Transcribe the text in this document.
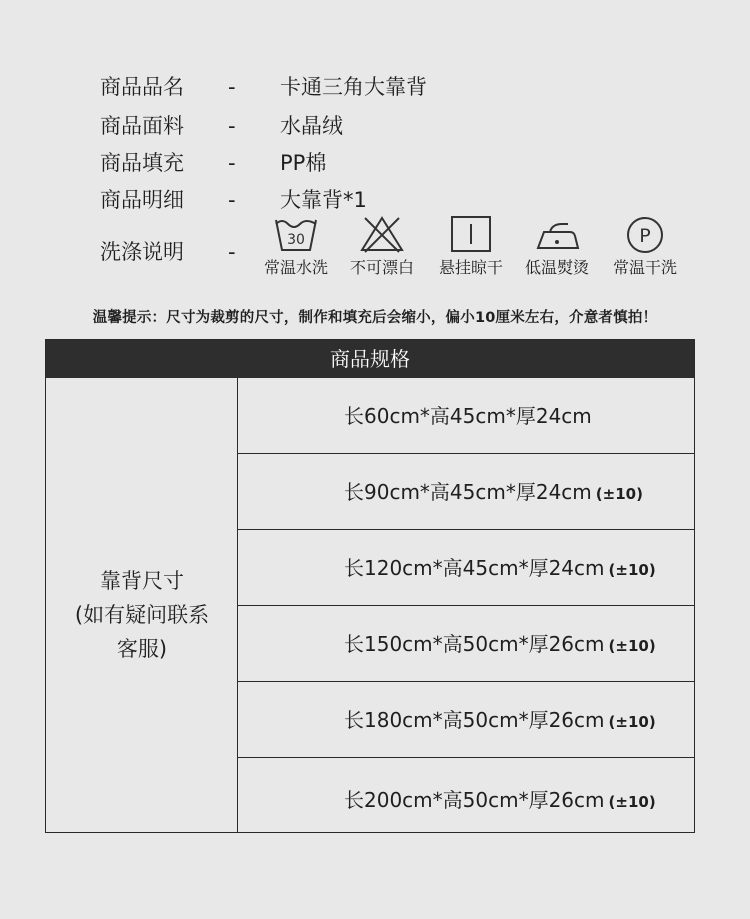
商品品名	-	卡通三角大靠背
商品面料	-	水晶绒
商品填充	-	PP棉
商品明细	-	大靠背*1
洗涤说明 -	30
常温水洗	不可漂白	悬挂晾干	低温熨烫
P
常温干洗
温馨提示：尺寸为裁剪的尺寸，制作和填充后会缩小，偏小10厘米左右，介意者慎拍！
商品规格
靠背尺寸
(如有疑问联系
客服)
长60cm*高45cm*厚24cm
长90cm*高45cm*厚24cm (±10)
长120cm*高45cm*厚24cm (±10)
长150cm*高50cm*厚26cm (±10)
长180cm*高50cm*厚26cm (±10)
长200cm*高50cm*厚26cm (±10)
